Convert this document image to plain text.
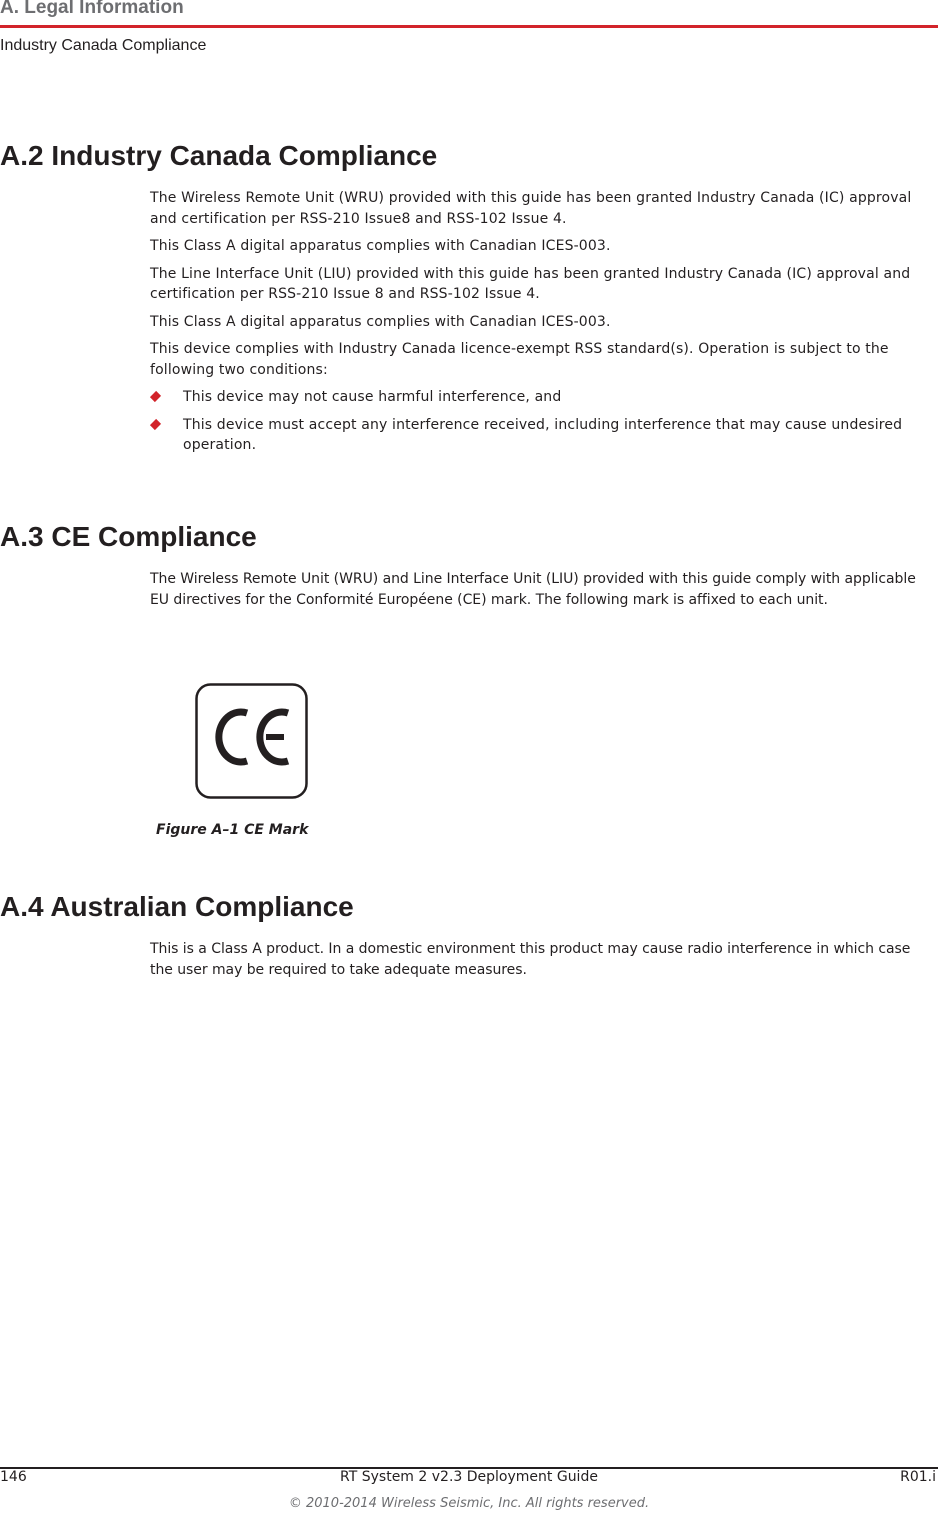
A. Legal Information
Industry Canada Compliance
A.2 Industry Canada Compliance

The Wireless Remote Unit (WRU) provided with this guide has been granted Industry Canada (IC) approval and certification per RSS-210 Issue8 and RSS-102 Issue 4.

This Class A digital apparatus complies with Canadian ICES-003.

The Line Interface Unit (LIU) provided with this guide has been granted Industry Canada (IC) approval and certification per RSS-210 Issue 8 and RSS-102 Issue 4.

This Class A digital apparatus complies with Canadian ICES-003.

This device complies with Industry Canada licence-exempt RSS standard(s). Operation is subject to the following two conditions:

This device may not cause harmful interference, and
This device must accept any interference received, including interference that may cause undesired operation.
A.3 CE Compliance

The Wireless Remote Unit (WRU) and Line Interface Unit (LIU) provided with this guide comply with applicable EU directives for the Conformité Européene (CE) mark. The following mark is affixed to each unit.

Figure A–1 CE Mark
A.4 Australian Compliance

This is a Class A product. In a domestic environment this product may cause radio interference in which case the user may be required to take adequate measures.

146	RT System 2 v2.3 Deployment Guide	R01.i
© 2010-2014 Wireless Seismic, Inc. All rights reserved.
